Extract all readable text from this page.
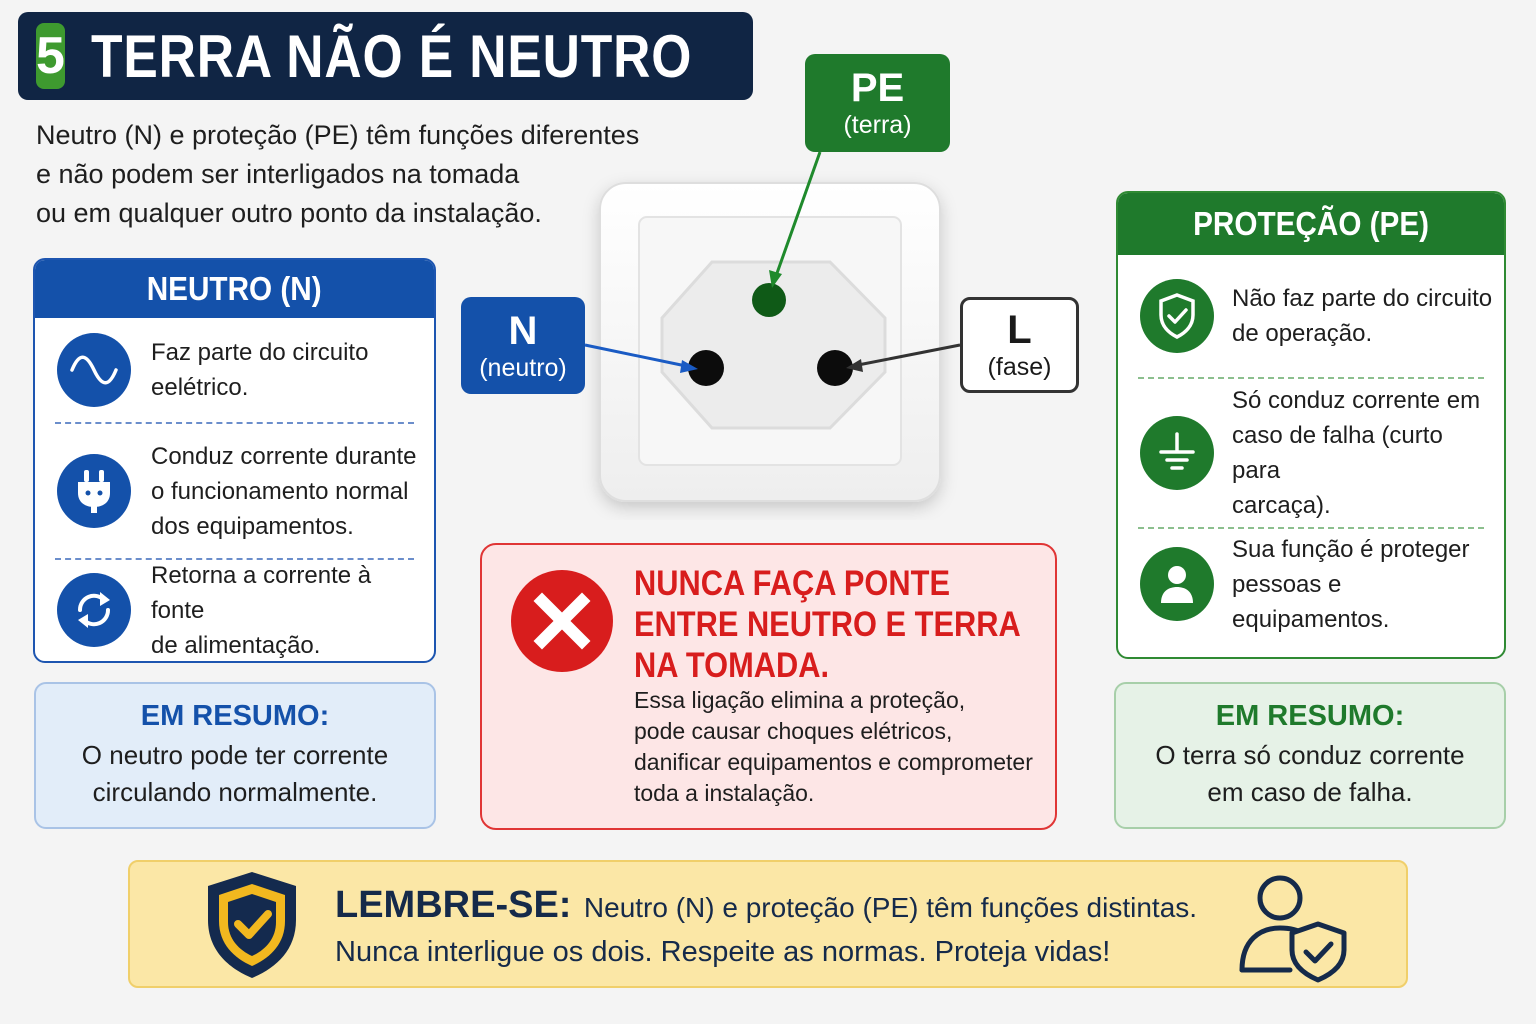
5 TERRA NÃO É NEUTRO
Neutro (N) e proteção (PE) têm funções diferentes
e não podem ser interligados na tomada
ou em qualquer outro ponto da instalação.
NEUTRO (N)
Faz parte do circuito
eelétrico.
Conduz corrente durante
o funcionamento normal
dos equipamentos.
Retorna a corrente à fonte
de alimentação.
EM RESUMO:
O neutro pode ter corrente
circulando normalmente.
PROTEÇÃO (PE)
Não faz parte do circuito
de operação.
Só conduz corrente em
caso de falha (curto para
carcaça).
Sua função é proteger
pessoas e equipamentos.
EM RESUMO:
O terra só conduz corrente
em caso de falha.
PE
(terra)
N
(neutro)
L
(fase)
NUNCA FAÇA PONTE
ENTRE NEUTRO E TERRA
NA TOMADA.
Essa ligação elimina a proteção,
pode causar choques elétricos,
danificar equipamentos e comprometer
toda a instalação.
LEMBRE-SE: Neutro (N) e proteção (PE) têm funções distintas.
Nunca interligue os dois. Respeite as normas. Proteja vidas!
